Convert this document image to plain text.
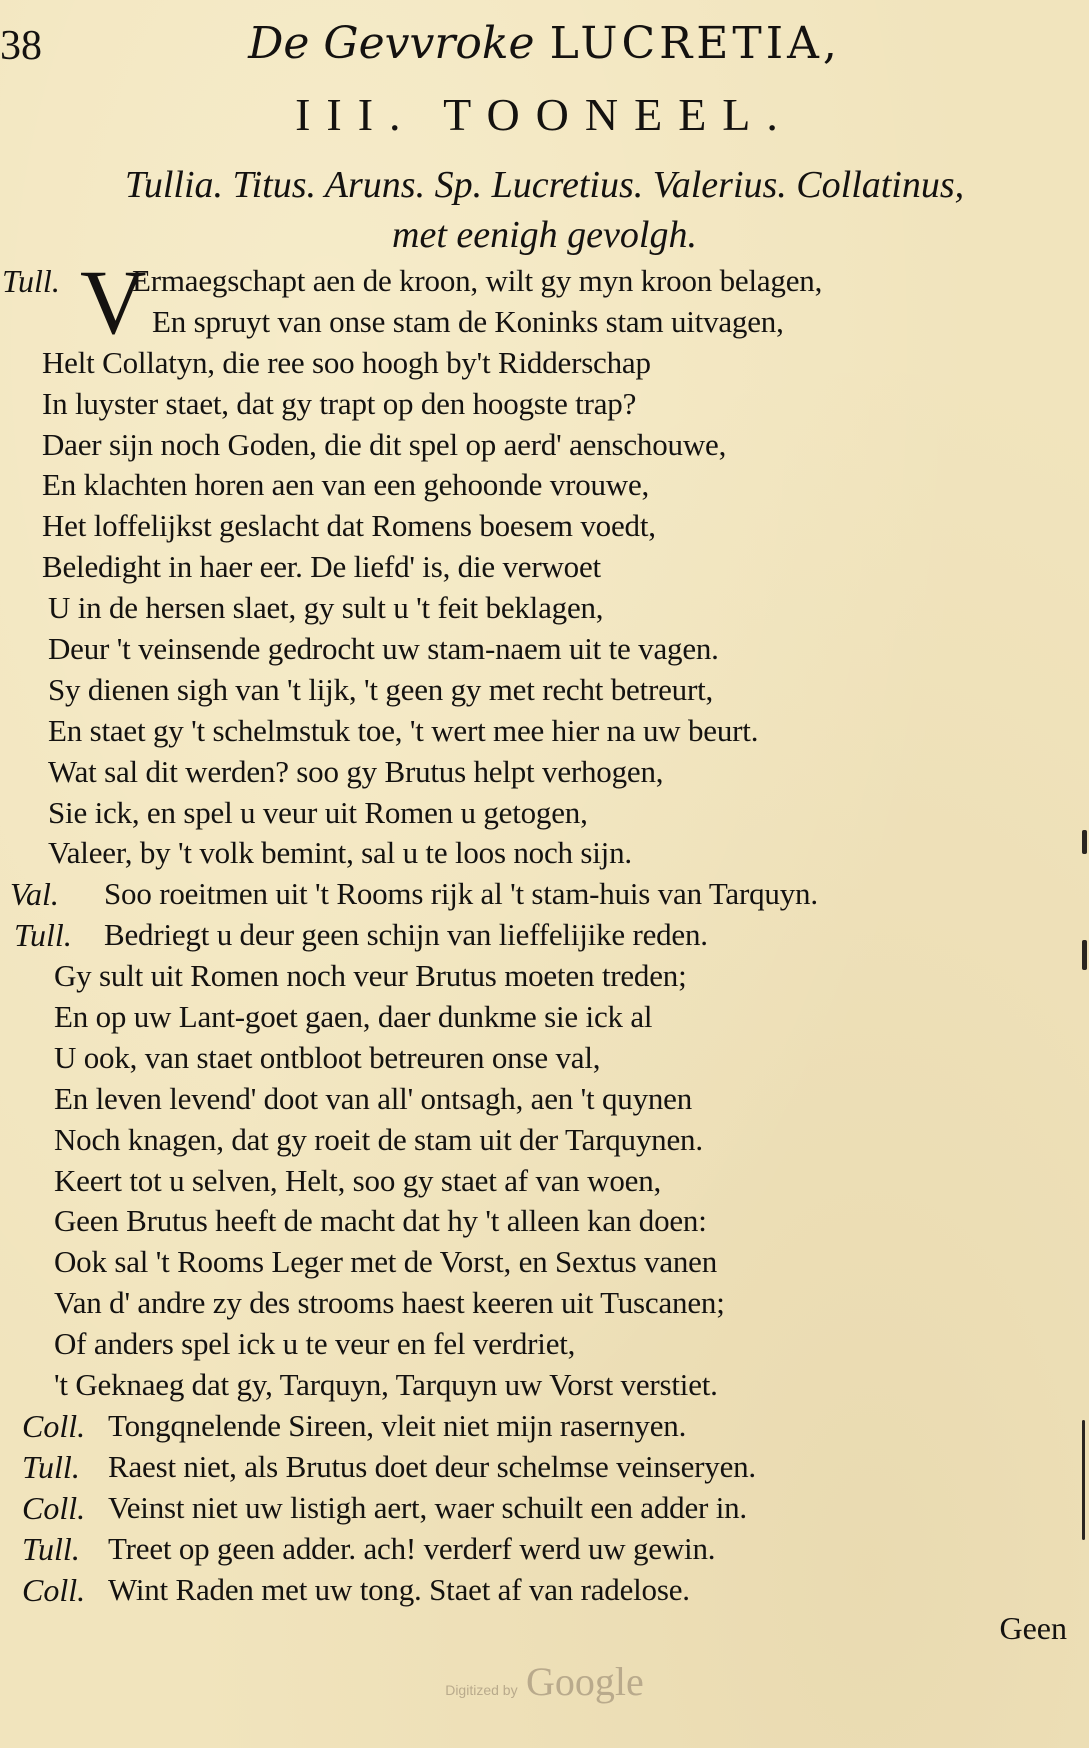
38	De Gevvroke LUCRETIA,
III. TOONEEL.
Tullia. Titus. Aruns. Sp. Lucretius. Valerius. Collatinus,
met eenigh gevolgh.
V
Tull. Ermaegschapt aen de kroon, wilt gy myn kroon belagen,
En spruyt van onse stam de Koninks stam uitvagen,
Helt Collatyn, die ree soo hoogh by't Ridderschap
In luyster staet, dat gy trapt op den hoogste trap?
Daer sijn noch Goden, die dit spel op aerd' aenschouwe,
En klachten horen aen van een gehoonde vrouwe,
Het loffelijkst geslacht dat Romens boesem voedt,
Beledight in haer eer. De liefd' is, die verwoet
U in de hersen slaet, gy sult u 't feit beklagen,
Deur 't veinsende gedrocht uw stam-naem uit te vagen.
Sy dienen sigh van 't lijk, 't geen gy met recht betreurt,
En staet gy 't schelmstuk toe, 't wert mee hier na uw beurt.
Wat sal dit werden? soo gy Brutus helpt verhogen,
Sie ick, en spel u veur uit Romen u getogen,
Valeer, by 't volk bemint, sal u te loos noch sijn.
Val. Soo roeitmen uit 't Rooms rijk al 't stam-huis van Tarquyn.
Tull. Bedriegt u deur geen schijn van lieffelijike reden.
Gy sult uit Romen noch veur Brutus moeten treden;
En op uw Lant-goet gaen, daer dunkme sie ick al
U ook, van staet ontbloot betreuren onse val,
En leven levend' doot van all' ontsagh, aen 't quynen
Noch knagen, dat gy roeit de stam uit der Tarquynen.
Keert tot u selven, Helt, soo gy staet af van woen,
Geen Brutus heeft de macht dat hy 't alleen kan doen:
Ook sal 't Rooms Leger met de Vorst, en Sextus vanen
Van d' andre zy des strooms haest keeren uit Tuscanen;
Of anders spel ick u te veur en fel verdriet,
't Geknaeg dat gy, Tarquyn, Tarquyn uw Vorst verstiet.
Coll. Tongqnelende Sireen, vleit niet mijn rasernyen.
Tull. Raest niet, als Brutus doet deur schelmse veinseryen.
Coll. Veinst niet uw listigh aert, waer schuilt een adder in.
Tull. Treet op geen adder. ach! verderf werd uw gewin.
Coll. Wint Raden met uw tong. Staet af van radelose.
Geen
Digitized by Google
